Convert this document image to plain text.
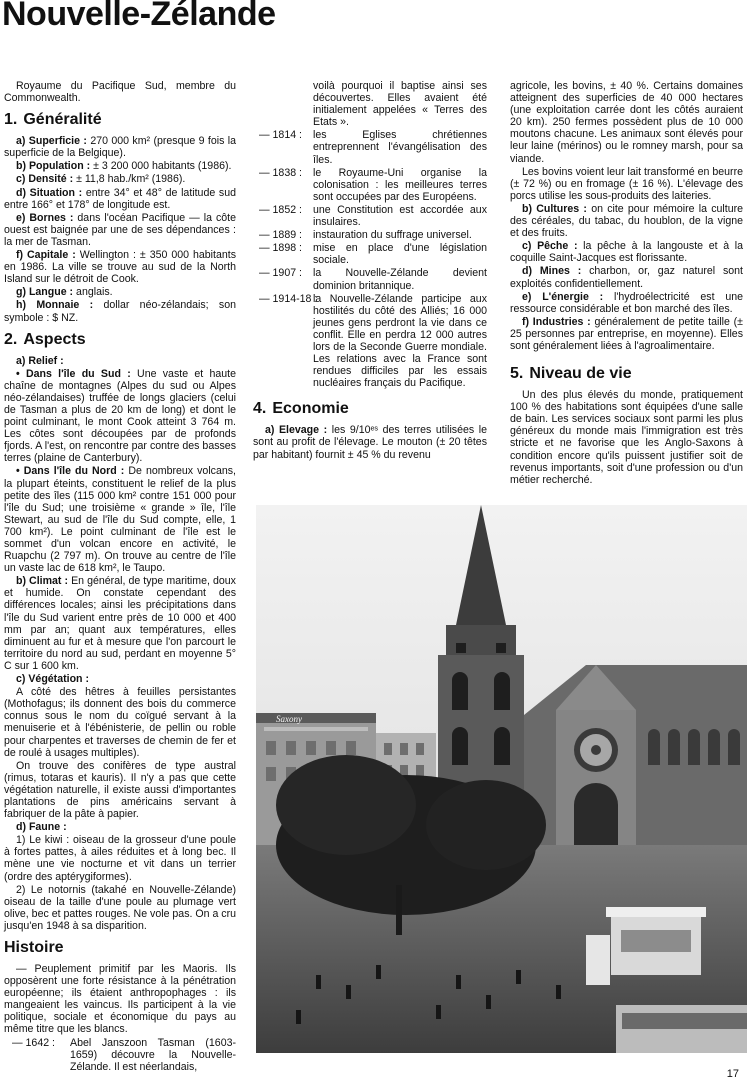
Nouvelle-Zélande

Royaume du Pacifique Sud, membre du Commonwealth.

1. Généralité

a) Superficie : 270 000 km² (presque 9 fois la superficie de la Belgique).

b) Population : ± 3 200 000 habitants (1986).

c) Densité : ± 11,8 hab./km² (1986).

d) Situation : entre 34° et 48° de latitude sud entre 166° et 178° de longitude est.

e) Bornes : dans l'océan Pacifique — la côte ouest est baignée par une de ses dépendances : la mer de Tasman.

f) Capitale : Wellington : ± 350 000 habitants en 1986. La ville se trouve au sud de la North Island sur le détroit de Cook.

g) Langue : anglais.

h) Monnaie : dollar néo-zélandais; son symbole : $ NZ.

2. Aspects

a) Relief :

• Dans l'île du Sud : Une vaste et haute chaîne de montagnes (Alpes du sud ou Alpes néo-zélandaises) truffée de longs glaciers (celui de Tasman a plus de 20 km de long) et dont le point culminant, le mont Cook atteint 3 764 m. Les côtes sont découpées par de profonds fjords. A l'est, on rencontre par contre des basses terres (plaine de Canterbury).

• Dans l'île du Nord : De nombreux volcans, la plupart éteints, constituent le relief de la plus petite des îles (115 000 km² contre 151 000 pour l'île du Sud; une troisième « grande » île, l'île Stewart, au sud de l'île du Sud compte, elle, 1 700 km²). Le point culminant de l'île est le sommet d'un volcan encore en activité, le Ruapchu (2 797 m). On trouve au centre de l'île un vaste lac de 618 km², le Taupo.

b) Climat : En général, de type maritime, doux et humide. On constate cependant des différences locales; ainsi les précipitations dans l'île du Sud varient entre près de 10 000 et 400 mm par an; quant aux températures, elles diminuent au fur et à mesure que l'on parcourt le territoire du nord au sud, perdant en moyenne 5° C sur 1 600 km.

c) Végétation :

A côté des hêtres à feuilles persistantes (Mothofagus; ils donnent des bois du commerce connus sous le nom du coïgué servant à la menuiserie et à l'ébénisterie, de pellin ou roble pour charpentes et traverses de chemin de fer et de roulé à usages multiples).

On trouve des conifères de type austral (rimus, totaras et kauris). Il n'y a pas que cette végétation naturelle, il existe aussi d'importantes plantations de pins américains servant à fabriquer de la pâte à papier.

d) Faune :

1) Le kiwi : oiseau de la grosseur d'une poule à fortes pattes, à ailes réduites et à long bec. Il mène une vie nocturne et vit dans un terrier (ordre des aptérygiformes).

2) Le notornis (takahé en Nouvelle-Zélande) oiseau de la taille d'une poule au plumage vert olive, bec et pattes rouges. Ne vole pas. On a cru jusqu'en 1948 à sa disparition.

Histoire

— Peuplement primitif par les Maoris. Ils opposèrent une forte résistance à la pénétration européenne; ils étaient anthropophages : ils mangeaient les vaincus. Ils participent à la vie politique, sociale et économique du pays au même titre que les blancs.

— 1642 :	Abel Janszoon Tasman (1603-1659) découvre la Nouvelle-Zélande. Il est néerlandais,
voilà pourquoi il baptise ainsi ses découvertes. Elles avaient été initialement appelées « Terres des Etats ».
— 1814 :	les Eglises chrétiennes entreprennent l'évangélisation des îles.
— 1838 :	le Royaume-Uni organise la colonisation : les meilleures terres sont occupées par des Européens.
— 1852 :	une Constitution est accordée aux insulaires.
— 1889 :	instauration du suffrage universel.
— 1898 :	mise en place d'une législation sociale.
— 1907 :	la Nouvelle-Zélande devient dominion britannique.
— 1914-18 :
la Nouvelle-Zélande participe aux hostilités du côté des Alliés; 16 000 jeunes gens perdront la vie dans ce conflit. Elle en perdra 12 000 autres lors de la Seconde Guerre mondiale. Les relations avec la France sont rendues difficiles par les essais nucléaires français du Pacifique.

4. Economie

a) Elevage : les 9/10ᵉˢ des terres utilisées le sont au profit de l'élevage. Le mouton (± 20 têtes par habitant) fournit ± 45 % du revenu

agricole, les bovins, ± 40 %. Certains domaines atteignent des superficies de 40 000 hectares (une exploitation carrée dont les côtés auraient 20 km). 250 fermes possèdent plus de 10 000 moutons chacune. Les animaux sont élevés pour leur laine (mérinos) ou le romney marsh, pour sa viande.

Les bovins voient leur lait transformé en beurre (± 72 %) ou en fromage (± 16 %). L'élevage des porcs utilise les sous-produits des laiteries.

b) Cultures : on cite pour mémoire la culture des céréales, du tabac, du houblon, de la vigne et des fruits.

c) Pêche : la pêche à la langouste et à la coquille Saint-Jacques est florissante.

d) Mines : charbon, or, gaz naturel sont exploités confidentiellement.

e) L'énergie : l'hydroélectricité est une ressource considérable et bon marché des îles.

f) Industries : généralement de petite taille (± 25 personnes par entreprise, en moyenne). Elles sont généralement liées à l'agroalimentaire.

5. Niveau de vie

Un des plus élevés du monde, pratiquement 100 % des habitations sont équipées d'une salle de bain. Les services sociaux sont parmi les plus généreux du monde mais l'immigration est très stricte et ne favorise que les Anglo-Saxons à condition encore qu'ils puissent justifier soit de revenus importants, soit d'une profession ou d'un métier recherché.

Saxony
17
